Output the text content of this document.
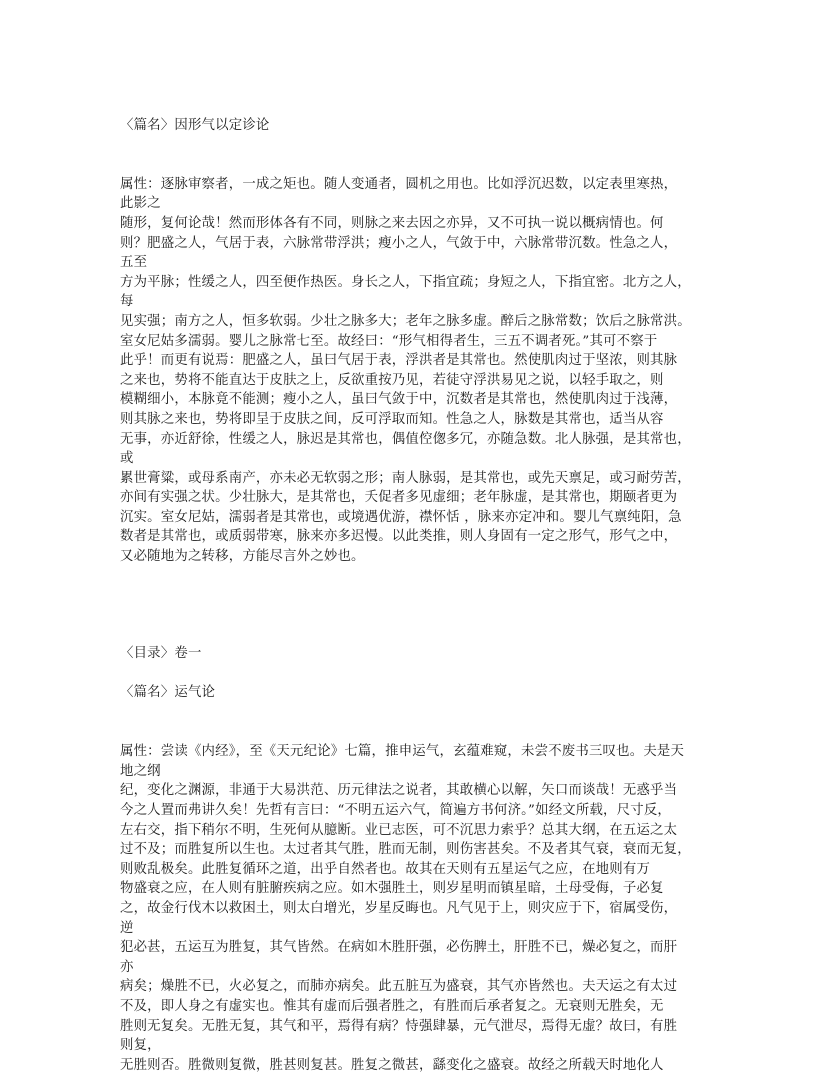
〈篇名〉因形气以定诊论
属性：逐脉审察者，一成之矩也。随人变通者，圆机之用也。比如浮沉迟数，以定表里寒热，
此影之
随形，复何论哉！然而形体各有不同，则脉之来去因之亦异，又不可执一说以概病情也。何
则？肥盛之人，气居于表，六脉常带浮洪；瘦小之人，气敛于中，六脉常带沉数。性急之人，
五至
方为平脉；性缓之人，四至便作热医。身长之人，下指宜疏；身短之人，下指宜密。北方之人，
每
见实强；南方之人，恒多软弱。少壮之脉多大；老年之脉多虚。醉后之脉常数；饮后之脉常洪。
室女尼姑多濡弱。婴儿之脉常七至。故经曰：“形气相得者生，三五不调者死。”其可不察于
此乎！而更有说焉：肥盛之人，虽曰气居于表，浮洪者是其常也。然使肌肉过于坚浓，则其脉
之来也，势将不能直达于皮肤之上，反欲重按乃见，若徒守浮洪易见之说，以轻手取之，则
模糊细小，本脉竟不能测；瘦小之人，虽曰气敛于中，沉数者是其常也，然使肌肉过于浅薄，
则其脉之来也，势将即呈于皮肤之间，反可浮取而知。性急之人，脉数是其常也，适当从容
无事，亦近舒徐，性缓之人，脉迟是其常也，偶值倥偬多冗，亦随急数。北人脉强，是其常也，
或
累世膏粱，或母系南产，亦未必无软弱之形；南人脉弱，是其常也，或先天禀足，或习耐劳苦，
亦间有实强之状。少壮脉大，是其常也，夭促者多见虚细；老年脉虚，是其常也，期颐者更为
沉实。室女尼姑，濡弱者是其常也，或境遇优游，襟怀恬 ，脉来亦定冲和。婴儿气禀纯阳，急
数者是其常也，或质弱带寒，脉来亦多迟慢。以此类推，则人身固有一定之形气，形气之中，
又必随地为之转移，方能尽言外之妙也。
〈目录〉卷一
〈篇名〉运气论
属性：尝读《内经》，至《天元纪论》七篇，推申运气，玄蕴难窥，未尝不废书三叹也。夫是天
地之纲
纪，变化之渊源，非通于大易洪范、历元律法之说者，其敢横心以解，矢口而谈哉！无惑乎当
今之人置而弗讲久矣！先哲有言曰：“不明五运六气，简遍方书何济。”如经文所载，尺寸反，
左右交，指下稍尔不明，生死何从臆断。业已志医，可不沉思力索乎？总其大纲，在五运之太
过不及；而胜复所以生也。太过者其气胜，胜而无制，则伤害甚矣。不及者其气衰，衰而无复，
则败乱极矣。此胜复循环之道，出乎自然者也。故其在天则有五星运气之应，在地则有万
物盛衰之应，在人则有脏腑疾病之应。如木强胜土，则岁星明而镇星暗，土母受侮，子必复
之，故金行伐木以救困土，则太白增光，岁星反晦也。凡气见于上，则灾应于下，宿属受伤，
逆
犯必甚，五运互为胜复，其气皆然。在病如木胜肝强，必伤脾土，肝胜不已，燥必复之，而肝
亦
病矣；燥胜不已，火必复之，而肺亦病矣。此五脏互为盛衰，其气亦皆然也。夫天运之有太过
不及，即人身之有虚实也。惟其有虚而后强者胜之，有胜而后承者复之。无衰则无胜矣，无
胜则无复矣。无胜无复，其气和平，焉得有病？恃强肆暴，元气泄尽，焉得无虚？故曰，有胜
则复，
无胜则否。胜微则复微，胜甚则复甚。胜复之微甚，繇变化之盛衰。故经之所载天时地化人
